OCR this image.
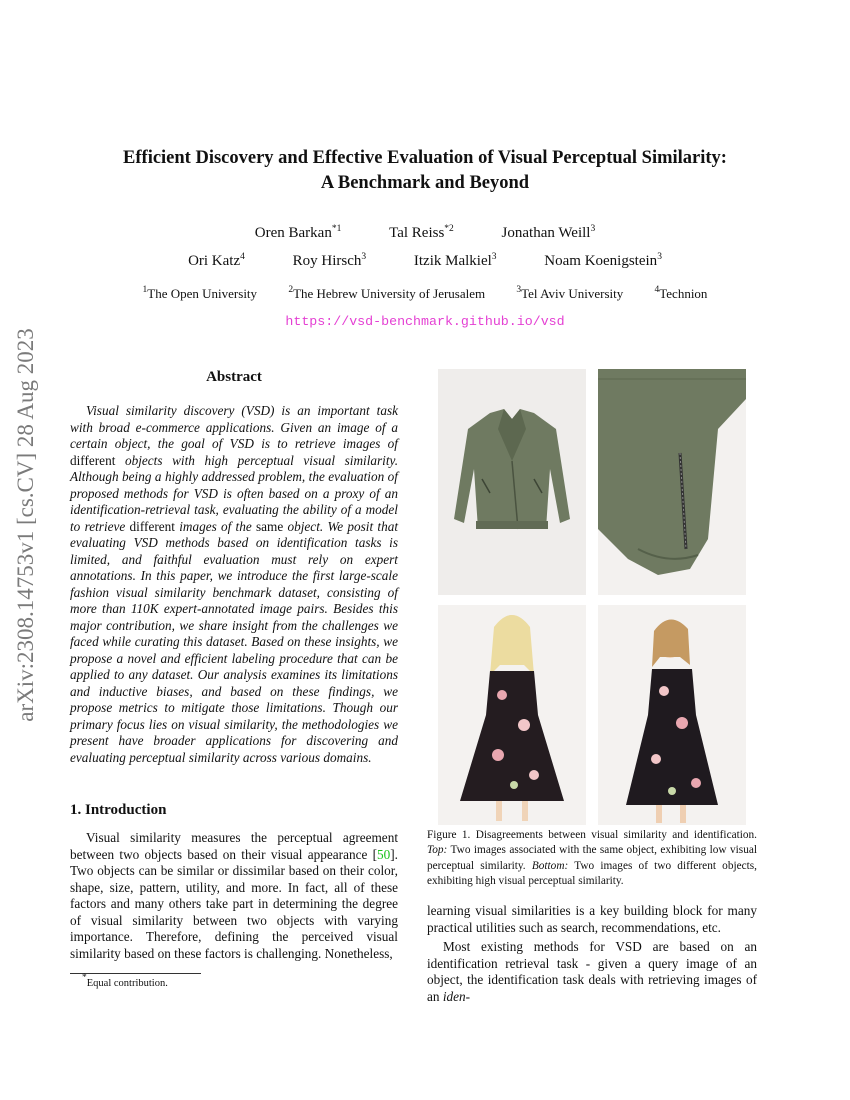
arXiv:2308.14753v1 [cs.CV] 28 Aug 2023
Efficient Discovery and Effective Evaluation of Visual Perceptual Similarity:
A Benchmark and Beyond
Oren Barkan$^{*1}$	Tal Reiss$^{*2}$	Jonathan Weill$^3$
Ori Katz$^4$	Roy Hirsch$^3$	Itzik Malkiel$^3$	Noam Koenigstein$^3$
$^1$The Open University	$^2$The Hebrew University of Jerusalem	$^3$Tel Aviv University	$^4$Technion
https://vsd-benchmark.github.io/vsd
Abstract
Visual similarity discovery (VSD) is an important task with broad e-commerce applications. Given an image of a certain object, the goal of VSD is to retrieve images of different objects with high perceptual visual similarity. Although being a highly addressed problem, the evaluation of proposed methods for VSD is often based on a proxy of an identification-retrieval task, evaluating the ability of a model to retrieve different images of the same object. We posit that evaluating VSD methods based on identification tasks is limited, and faithful evaluation must rely on expert annotations. In this paper, we introduce the first large-scale fashion visual similarity benchmark dataset, consisting of more than 110K expert-annotated image pairs. Besides this major contribution, we share insight from the challenges we faced while curating this dataset. Based on these insights, we propose a novel and efficient labeling procedure that can be applied to any dataset. Our analysis examines its limitations and inductive biases, and based on these findings, we propose metrics to mitigate those limitations. Though our primary focus lies on visual similarity, the methodologies we present have broader applications for discovering and evaluating perceptual similarity across various domains.
1. Introduction
Visual similarity measures the perceptual agreement between two objects based on their visual appearance [50]. Two objects can be similar or dissimilar based on their color, shape, size, pattern, utility, and more. In fact, all of these factors and many others take part in determining the degree of visual similarity between two objects with varying importance. Therefore, defining the perceived visual similarity based on these factors is challenging. Nonetheless,
*Equal contribution.
Figure 1. Disagreements between visual similarity and identification. Top: Two images associated with the same object, exhibiting low visual perceptual similarity. Bottom: Two images of two different objects, exhibiting high visual perceptual similarity.

learning visual similarities is a key building block for many practical utilities such as search, recommendations, etc.

Most existing methods for VSD are based on an identification retrieval task - given a query image of an object, the identification task deals with retrieving images of an iden-
